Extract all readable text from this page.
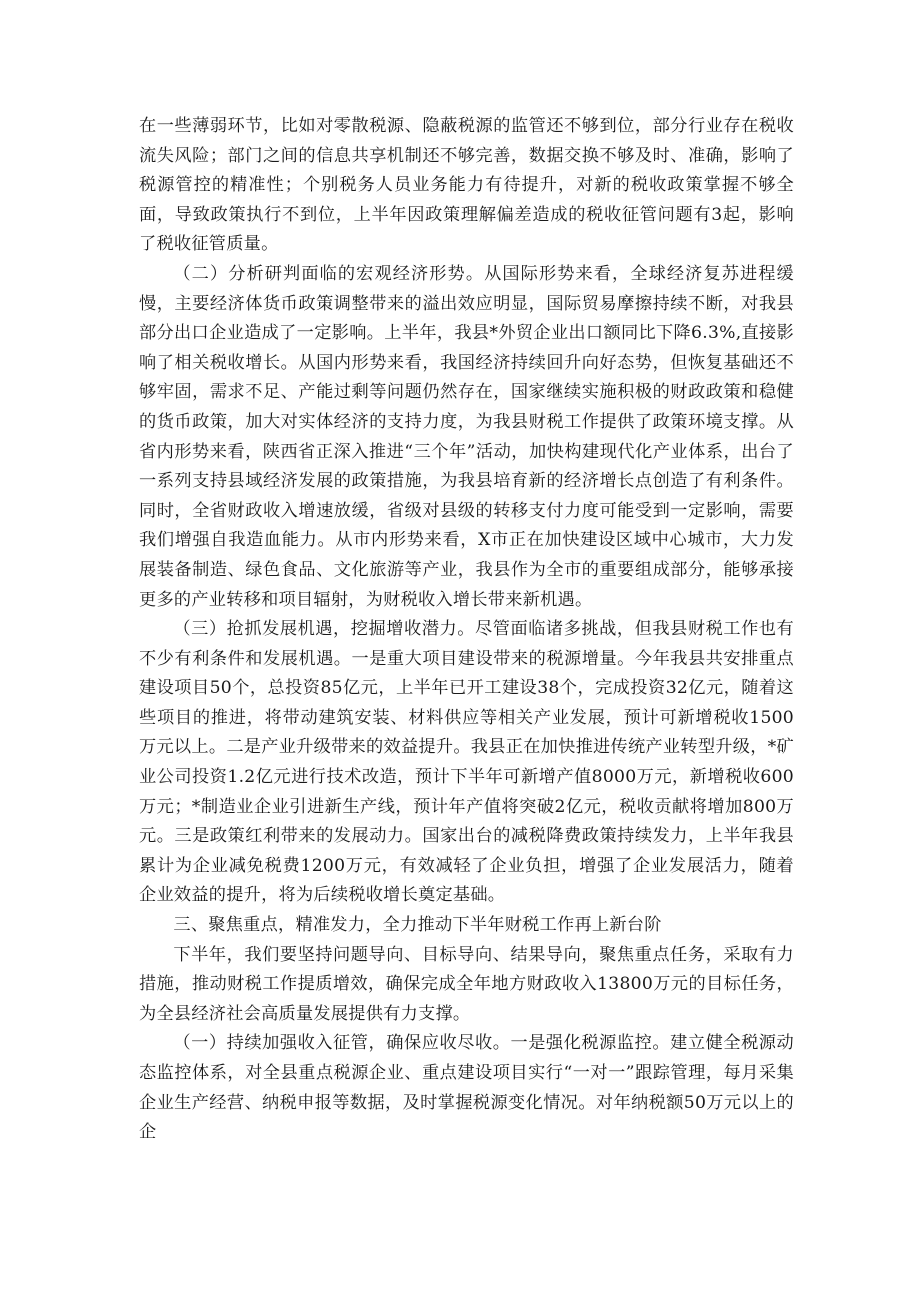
在一些薄弱环节，比如对零散税源、隐蔽税源的监管还不够到位，部分行业存在税收流失风险；部门之间的信息共享机制还不够完善，数据交换不够及时、准确，影响了税源管控的精准性；个别税务人员业务能力有待提升，对新的税收政策掌握不够全面，导致政策执行不到位，上半年因政策理解偏差造成的税收征管问题有3起，影响了税收征管质量。

（二）分析研判面临的宏观经济形势。从国际形势来看，全球经济复苏进程缓慢，主要经济体货币政策调整带来的溢出效应明显，国际贸易摩擦持续不断，对我县部分出口企业造成了一定影响。上半年，我县*外贸企业出口额同比下降6.3%,直接影响了相关税收增长。从国内形势来看，我国经济持续回升向好态势，但恢复基础还不够牢固，需求不足、产能过剩等问题仍然存在，国家继续实施积极的财政政策和稳健的货币政策，加大对实体经济的支持力度，为我县财税工作提供了政策环境支撑。从省内形势来看，陕西省正深入推进“三个年”活动，加快构建现代化产业体系，出台了一系列支持县域经济发展的政策措施，为我县培育新的经济增长点创造了有利条件。同时，全省财政收入增速放缓，省级对县级的转移支付力度可能受到一定影响，需要我们增强自我造血能力。从市内形势来看，X市正在加快建设区域中心城市，大力发展装备制造、绿色食品、文化旅游等产业，我县作为全市的重要组成部分，能够承接更多的产业转移和项目辐射，为财税收入增长带来新机遇。

（三）抢抓发展机遇，挖掘增收潜力。尽管面临诸多挑战，但我县财税工作也有不少有利条件和发展机遇。一是重大项目建设带来的税源增量。今年我县共安排重点建设项目50个，总投资85亿元，上半年已开工建设38个，完成投资32亿元，随着这些项目的推进，将带动建筑安装、材料供应等相关产业发展，预计可新增税收1500万元以上。二是产业升级带来的效益提升。我县正在加快推进传统产业转型升级，*矿业公司投资1.2亿元进行技术改造，预计下半年可新增产值8000万元，新增税收600万元；*制造业企业引进新生产线，预计年产值将突破2亿元，税收贡献将增加800万元。三是政策红利带来的发展动力。国家出台的减税降费政策持续发力，上半年我县累计为企业减免税费1200万元，有效减轻了企业负担，增强了企业发展活力，随着企业效益的提升，将为后续税收增长奠定基础。

三、聚焦重点，精准发力，全力推动下半年财税工作再上新台阶

下半年，我们要坚持问题导向、目标导向、结果导向，聚焦重点任务，采取有力措施，推动财税工作提质增效，确保完成全年地方财政收入13800万元的目标任务，为全县经济社会高质量发展提供有力支撑。

（一）持续加强收入征管，确保应收尽收。一是强化税源监控。建立健全税源动态监控体系，对全县重点税源企业、重点建设项目实行“一对一”跟踪管理，每月采集企业生产经营、纳税申报等数据，及时掌握税源变化情况。对年纳税额50万元以上的企
